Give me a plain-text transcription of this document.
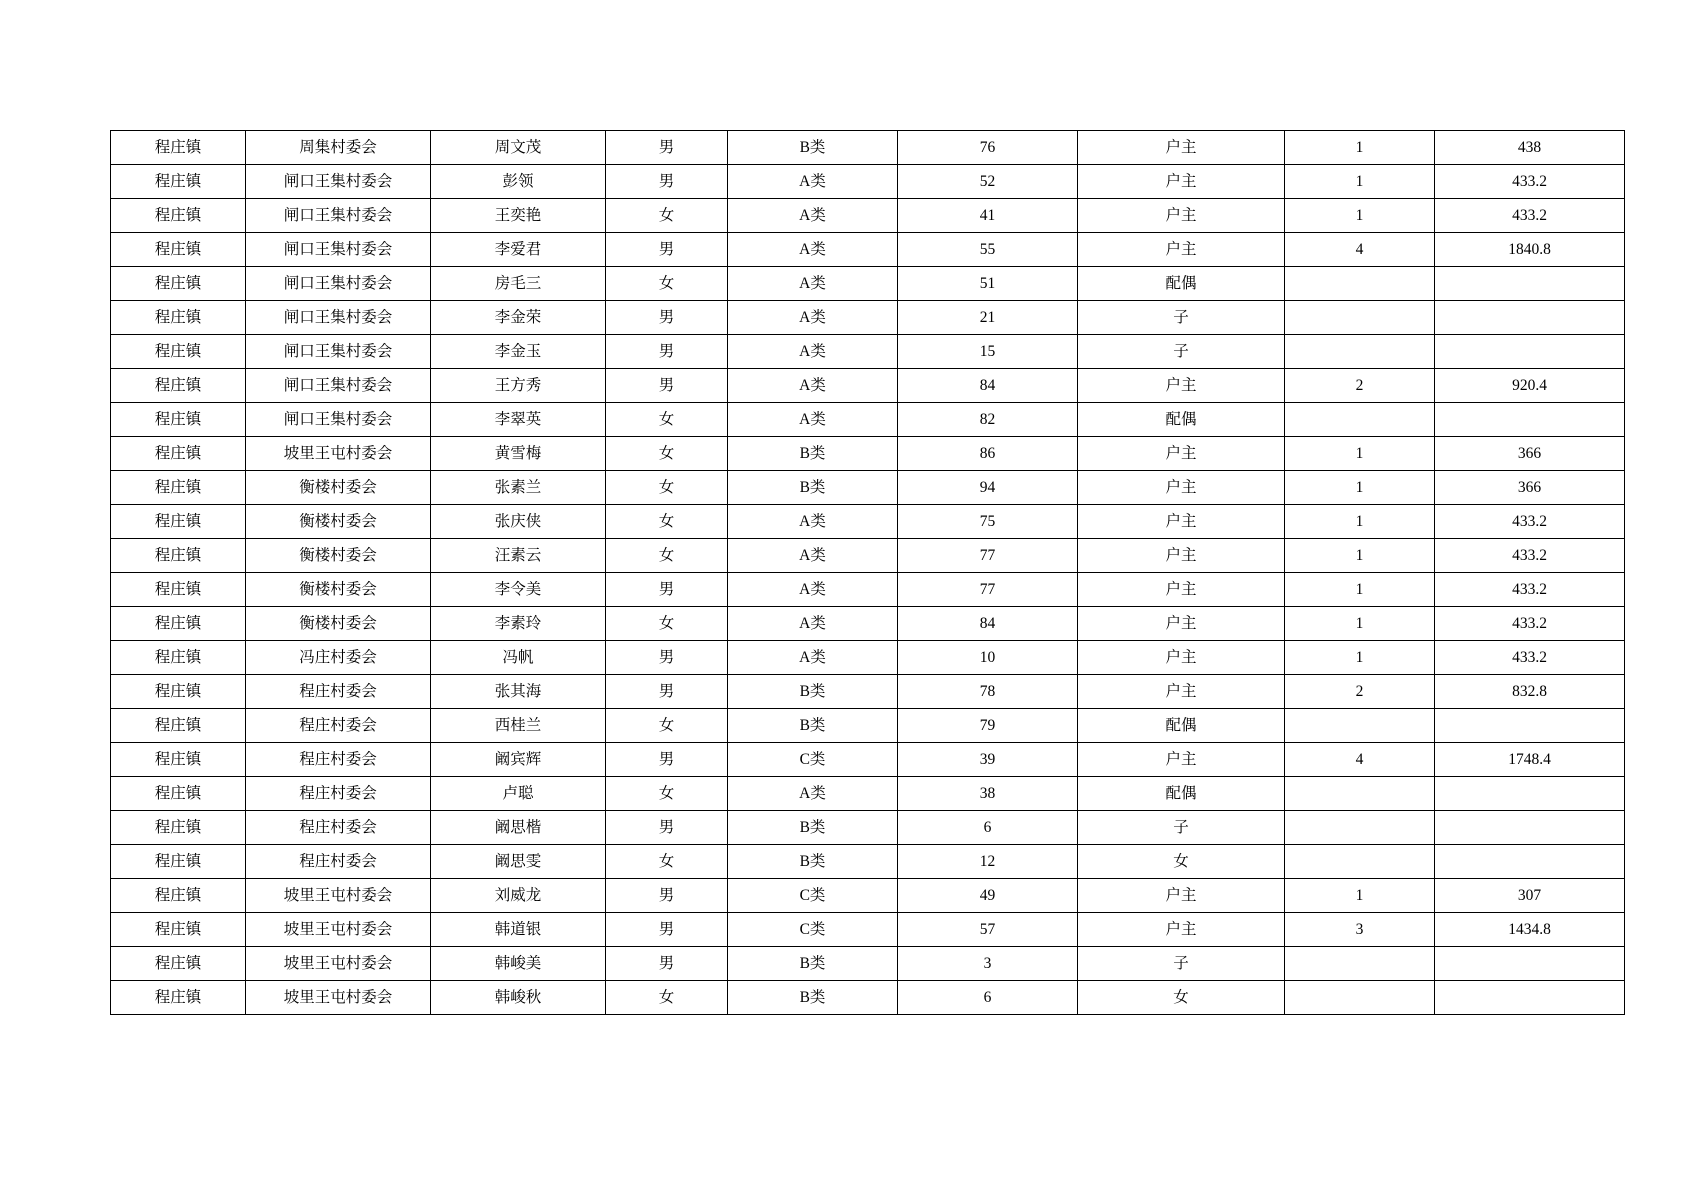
程庄镇	周集村委会	周文茂	男	B类	76	户主	1	438
程庄镇	闸口王集村委会	彭领	男	A类	52	户主	1	433.2
程庄镇	闸口王集村委会	王奕艳	女	A类	41	户主	1	433.2
程庄镇	闸口王集村委会	李爱君	男	A类	55	户主	4	1840.8
程庄镇	闸口王集村委会	房毛三	女	A类	51	配偶		
程庄镇	闸口王集村委会	李金荣	男	A类	21	子		
程庄镇	闸口王集村委会	李金玉	男	A类	15	子		
程庄镇	闸口王集村委会	王方秀	男	A类	84	户主	2	920.4
程庄镇	闸口王集村委会	李翠英	女	A类	82	配偶		
程庄镇	坡里王屯村委会	黄雪梅	女	B类	86	户主	1	366
程庄镇	衡楼村委会	张素兰	女	B类	94	户主	1	366
程庄镇	衡楼村委会	张庆侠	女	A类	75	户主	1	433.2
程庄镇	衡楼村委会	汪素云	女	A类	77	户主	1	433.2
程庄镇	衡楼村委会	李令美	男	A类	77	户主	1	433.2
程庄镇	衡楼村委会	李素玲	女	A类	84	户主	1	433.2
程庄镇	冯庄村委会	冯帆	男	A类	10	户主	1	433.2
程庄镇	程庄村委会	张其海	男	B类	78	户主	2	832.8
程庄镇	程庄村委会	西桂兰	女	B类	79	配偶		
程庄镇	程庄村委会	阚宾辉	男	C类	39	户主	4	1748.4
程庄镇	程庄村委会	卢聪	女	A类	38	配偶		
程庄镇	程庄村委会	阚思楷	男	B类	6	子		
程庄镇	程庄村委会	阚思雯	女	B类	12	女		
程庄镇	坡里王屯村委会	刘威龙	男	C类	49	户主	1	307
程庄镇	坡里王屯村委会	韩道银	男	C类	57	户主	3	1434.8
程庄镇	坡里王屯村委会	韩峻美	男	B类	3	子		
程庄镇	坡里王屯村委会	韩峻秋	女	B类	6	女		
